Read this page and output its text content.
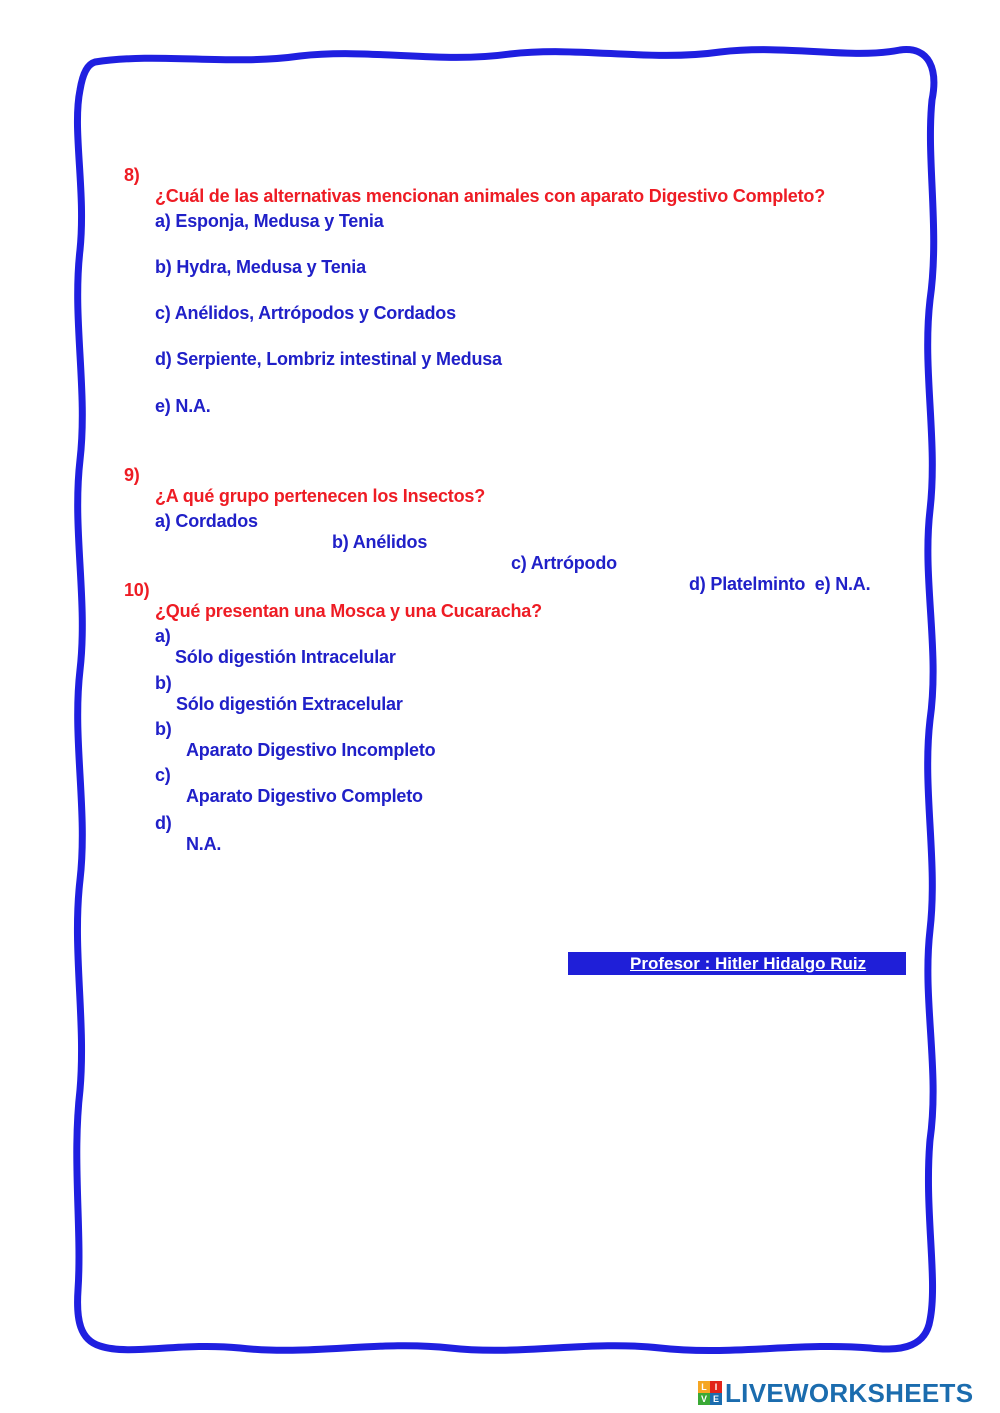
8)

¿Cuál de las alternativas mencionan animales con aparato Digestivo Completo?

a) Esponja, Medusa y Tenia

b) Hydra, Medusa y Tenia

c) Anélidos, Artrópodos y Cordados

d) Serpiente, Lombriz intestinal y Medusa

e) N.A.

9)

¿A qué grupo pertenecen los Insectos?

a) Cordados

b) Anélidos

c) Artrópodo

d) Platelminto  e) N.A.

10)

¿Qué presentan una Mosca y una Cucaracha?

a)

Sólo digestión Intracelular

b)

Sólo digestión Extracelular

b)

Aparato Digestivo Incompleto

c)

Aparato Digestivo Completo

d)

N.A.

Profesor : Hitler Hidalgo Ruiz
L I
V E LIVEWORKSHEETS
